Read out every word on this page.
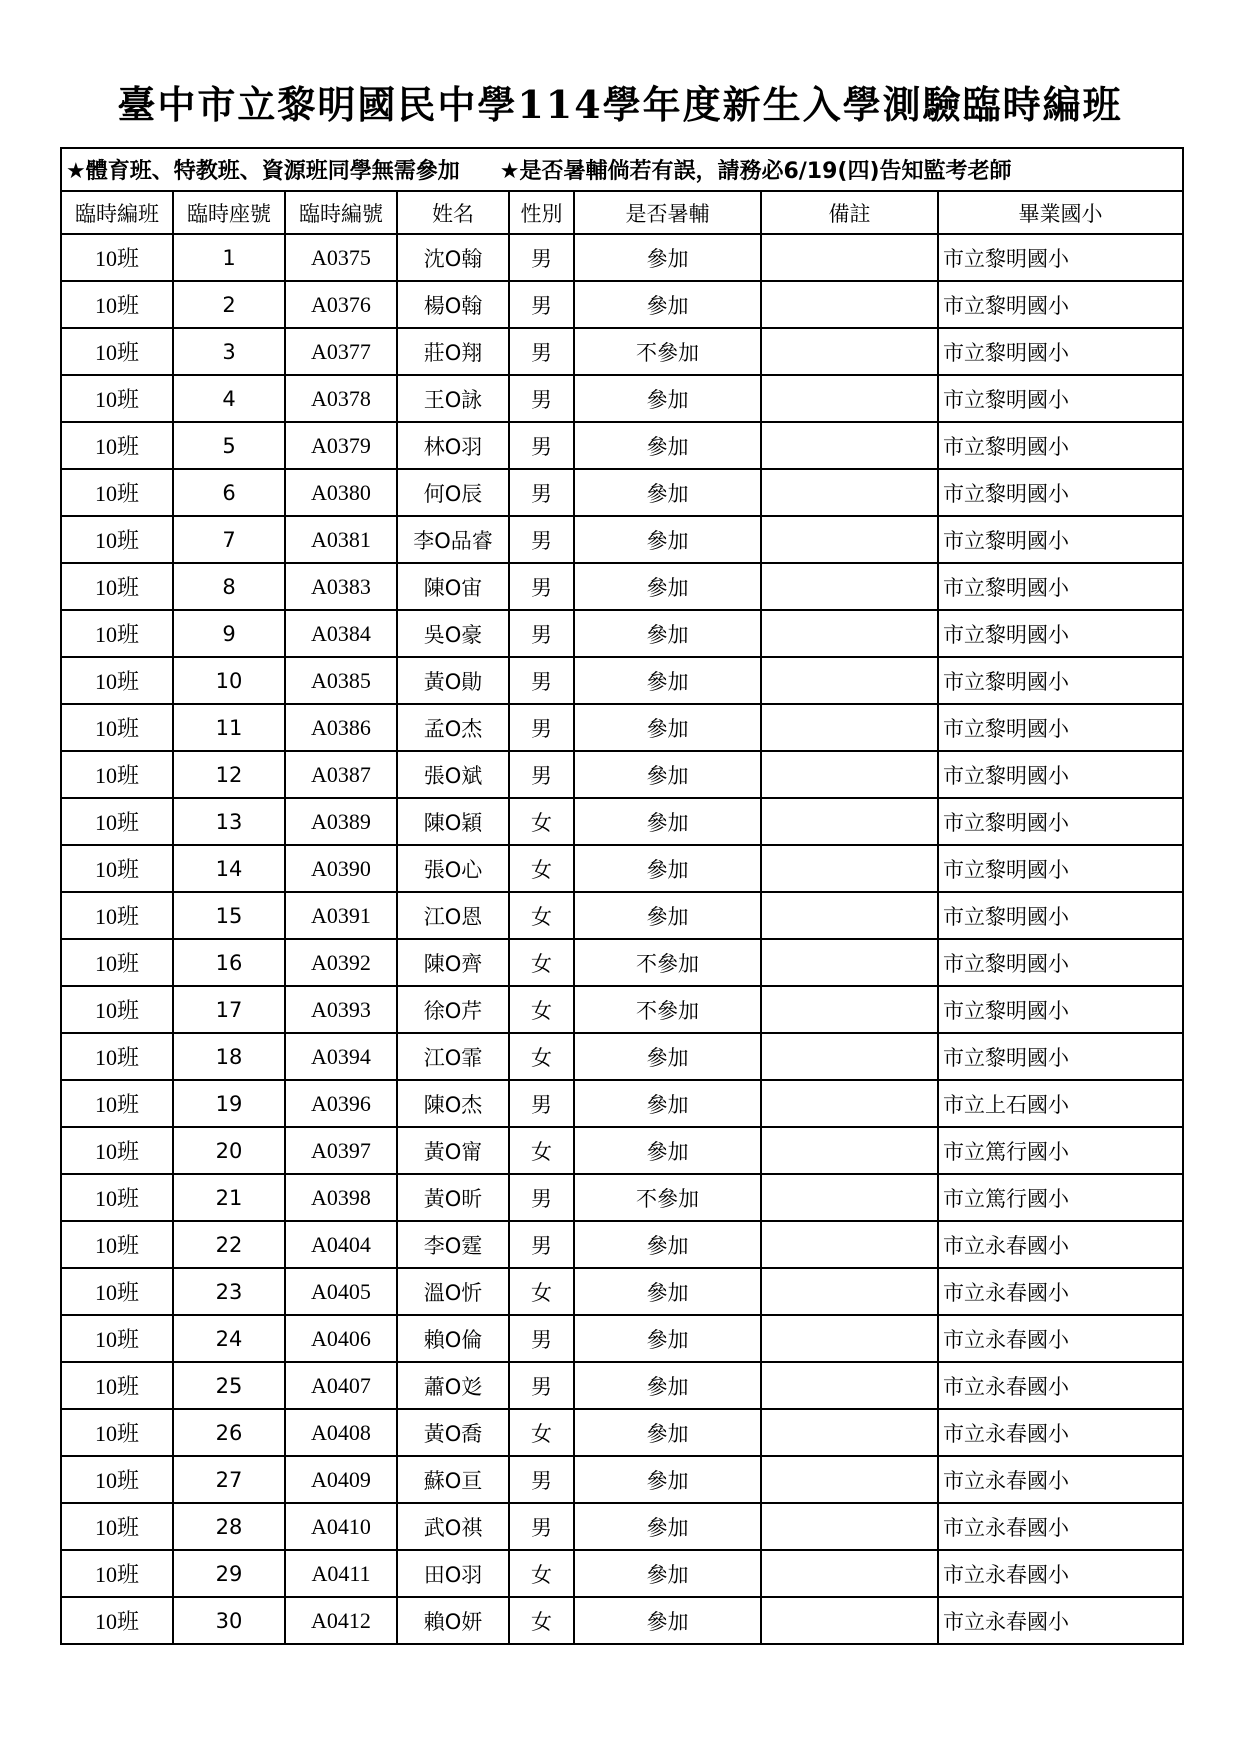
臺中市立黎明國民中學114學年度新生入學測驗臨時編班
★體育班、特教班、資源班同學無需參加 ★是否暑輔倘若有誤，請務必6/19(四)告知監考老師							
臨時編班	臨時座號	臨時編號	姓名	性別	是否暑輔	備註	畢業國小
10班	1	A0375	沈O翰	男	參加		市立黎明國小
10班	2	A0376	楊O翰	男	參加		市立黎明國小
10班	3	A0377	莊O翔	男	不參加		市立黎明國小
10班	4	A0378	王O詠	男	參加		市立黎明國小
10班	5	A0379	林O羽	男	參加		市立黎明國小
10班	6	A0380	何O辰	男	參加		市立黎明國小
10班	7	A0381	李O品睿	男	參加		市立黎明國小
10班	8	A0383	陳O宙	男	參加		市立黎明國小
10班	9	A0384	吳O豪	男	參加		市立黎明國小
10班	10	A0385	黃O勛	男	參加		市立黎明國小
10班	11	A0386	孟O杰	男	參加		市立黎明國小
10班	12	A0387	張O斌	男	參加		市立黎明國小
10班	13	A0389	陳O穎	女	參加		市立黎明國小
10班	14	A0390	張O心	女	參加		市立黎明國小
10班	15	A0391	江O恩	女	參加		市立黎明國小
10班	16	A0392	陳O齊	女	不參加		市立黎明國小
10班	17	A0393	徐O芹	女	不參加		市立黎明國小
10班	18	A0394	江O霏	女	參加		市立黎明國小
10班	19	A0396	陳O杰	男	參加		市立上石國小
10班	20	A0397	黃O甯	女	參加		市立篤行國小
10班	21	A0398	黃O昕	男	不參加		市立篤行國小
10班	22	A0404	李O霆	男	參加		市立永春國小
10班	23	A0405	溫O忻	女	參加		市立永春國小
10班	24	A0406	賴O倫	男	參加		市立永春國小
10班	25	A0407	蕭O彣	男	參加		市立永春國小
10班	26	A0408	黃O喬	女	參加		市立永春國小
10班	27	A0409	蘇O亘	男	參加		市立永春國小
10班	28	A0410	武O祺	男	參加		市立永春國小
10班	29	A0411	田O羽	女	參加		市立永春國小
10班	30	A0412	賴O妍	女	參加		市立永春國小
